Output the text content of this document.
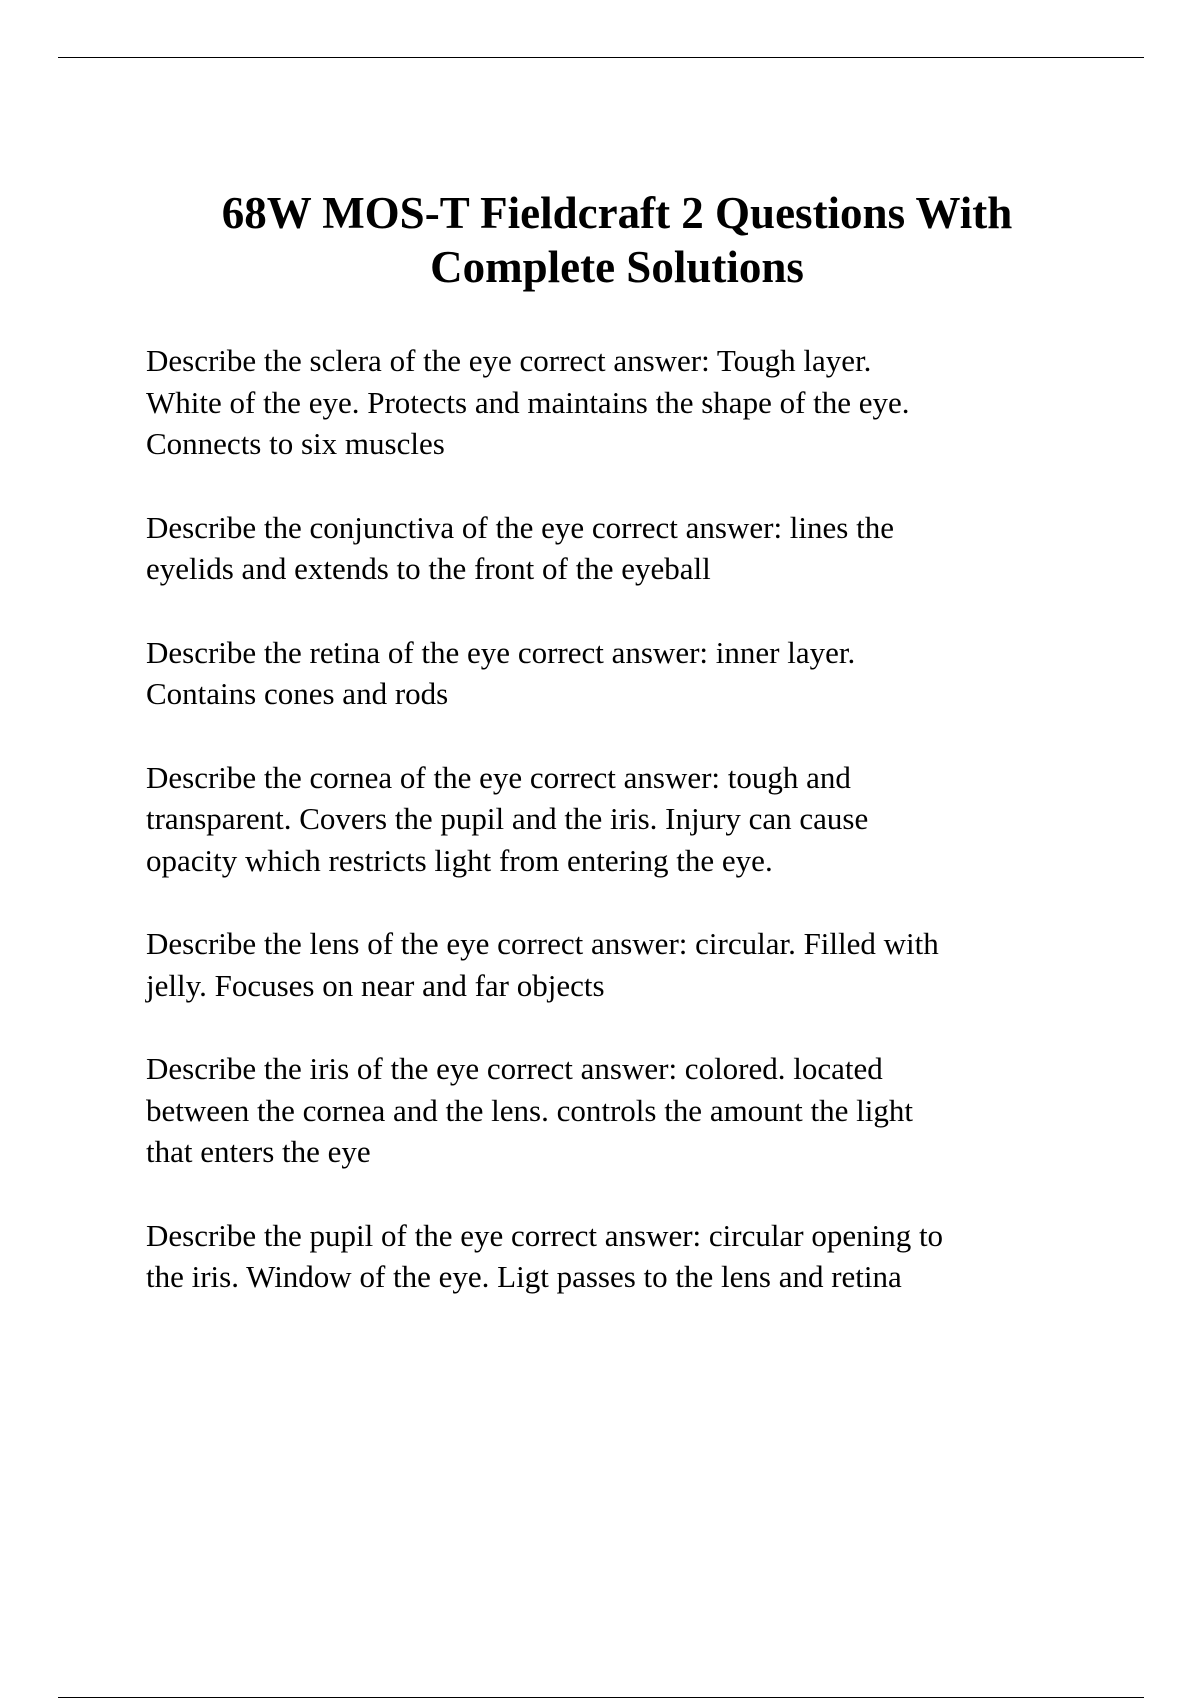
68W MOS-T Fieldcraft 2 Questions With
Complete Solutions

Describe the sclera of the eye correct answer: Tough layer.
White of the eye. Protects and maintains the shape of the eye.
Connects to six muscles

Describe the conjunctiva of the eye correct answer: lines the
eyelids and extends to the front of the eyeball

Describe the retina of the eye correct answer: inner layer.
Contains cones and rods

Describe the cornea of the eye correct answer: tough and
transparent. Covers the pupil and the iris. Injury can cause
opacity which restricts light from entering the eye.

Describe the lens of the eye correct answer: circular. Filled with
jelly. Focuses on near and far objects

Describe the iris of the eye correct answer: colored. located
between the cornea and the lens. controls the amount the light
that enters the eye

Describe the pupil of the eye correct answer: circular opening to
the iris. Window of the eye. Ligt passes to the lens and retina
